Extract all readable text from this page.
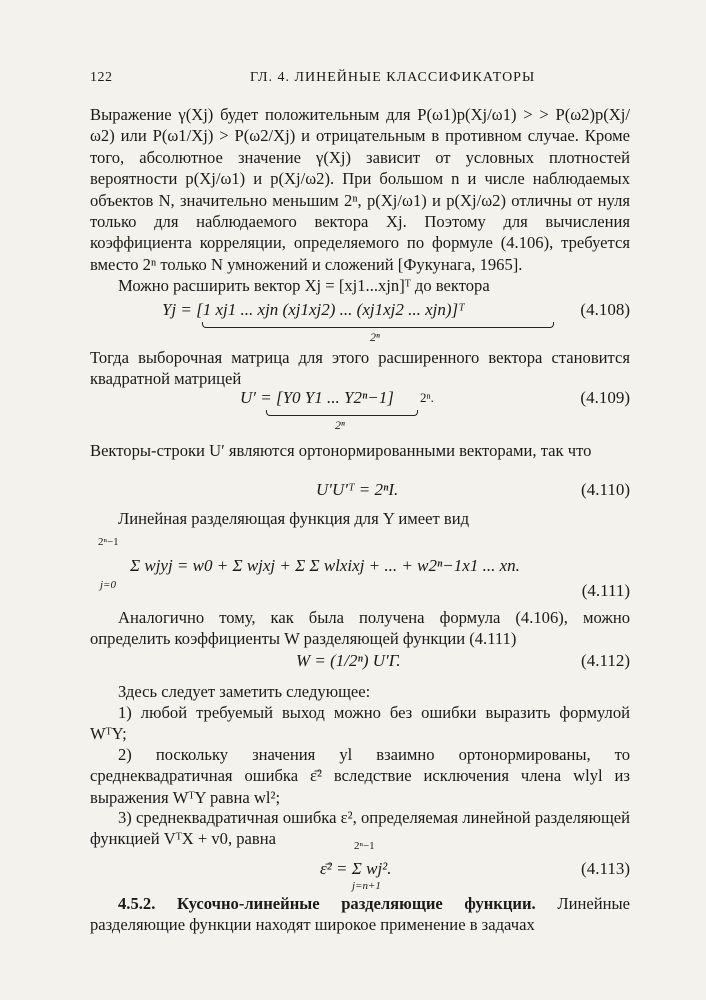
122	ГЛ. 4. ЛИНЕЙНЫЕ КЛАССИФИКАТОРЫ
Выражение γ(Xj) будет положительным для P(ω1)p(Xj/ω1) > > P(ω2)p(Xj/ω2) или P(ω1/Xj) > P(ω2/Xj) и отрицательным в противном случае. Кроме того, абсолютное значение γ(Xj) зависит от условных плотностей вероятности p(Xj/ω1) и p(Xj/ω2). При большом n и числе наблюдаемых объектов N, значительно меньшим 2ⁿ, p(Xj/ω1) и p(Xj/ω2) отличны от нуля только для наблюдаемого вектора Xj. Поэтому для вычисления коэффициента корреляции, определяемого по формуле (4.106), требуется вместо 2ⁿ только N умножений и сложений [Фукунага, 1965].
Можно расширить вектор Xj = [xj1...xjn]ᵀ до вектора
Yj = [1 xj1 ... xjn (xj1xj2) ... (xj1xj2 ... xjn)]ᵀ
2ⁿ
(4.108)
Тогда выборочная матрица для этого расширенного вектора становится квадратной матрицей
U′ = [Y0 Y1 ... Y2ⁿ−1] 2ⁿ.
2ⁿ
(4.109)
Векторы-строки U′ являются ортонормированными векторами, так что
U′U′ᵀ = 2ⁿI.	(4.110)
Линейная разделяющая функция для Y имеет вид
2ⁿ−1
j=0
Σ wjyj = w0 + Σ wjxj + Σ Σ wlxixj + ... + w2ⁿ−1x1 ... xn.
(4.111)
Аналогично тому, как была получена формула (4.106), можно определить коэффициенты W разделяющей функции (4.111)
W = (1/2ⁿ) U′Γ.	(4.112)
Здесь следует заметить следующее:
1) любой требуемый выход можно без ошибки выразить формулой WᵀY;
2) поскольку значения yl взаимно ортонормированы, то среднеквадратичная ошибка ε̄² вследствие исключения члена wlyl из выражения WᵀY равна wl²;
3) среднеквадратичная ошибка ε², определяемая линейной разделяющей функцией VᵀX + v0, равна	2ⁿ−1
j=n+1
ε̄² = Σ wj².	(4.113)
4.5.2. Кусочно-линейные разделяющие функции. Линейные разделяющие функции находят широкое применение в задачах
